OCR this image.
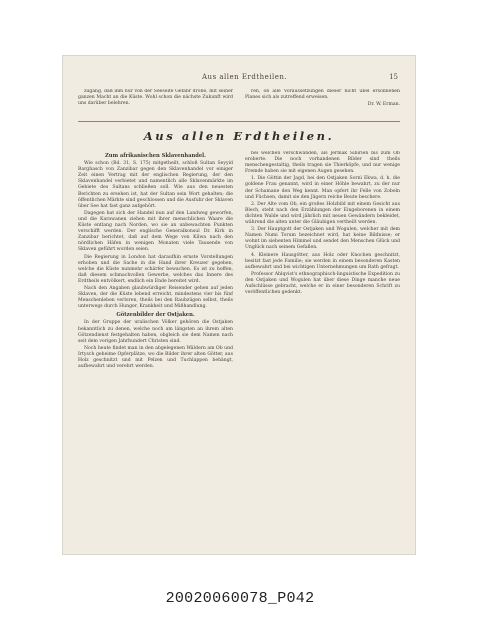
Aus allen Erdtheilen.	15

zugang, daß ihm nur von der Seeseite Gefahr drohe, mit seiner ganzen Macht an die Küste. Wohl schon die nächste Zukunft wird uns darüber belehren.

ren, ob alle Voraussetzungen dieser nicht übel ersonnenen Planes sich als zutreffend erweisen.

Dr. W. Erman.

Aus allen Erdtheilen.
Zum afrikanischen Sklavenhandel.

Wie schon (Bd. 31, S. 175) mitgetheilt, schloß Sultan Seyyid Barghasch von Zanzibar gegen den Sklavenhandel vor einiger Zeit einen Vertrag mit der englischen Regierung, der den Sklavenhandel verbietet und namentlich alle Sklavenmärkte im Gebiete des Sultans schließen soll. Wie aus den neuesten Berichten zu ersehen ist, hat der Sultan sein Wort gehalten; die öffentlichen Märkte sind geschlossen und die Ausfuhr der Sklaven über See hat fast ganz aufgehört.

Dagegen hat sich der Handel nun auf den Landweg geworfen, und die Karawanen ziehen mit ihrer menschlichen Waare die Küste entlang nach Norden, wo sie an unbewachten Punkten verschifft werden. Der englische Generalkonsul Dr. Kirk in Zanzibar berichtet, daß auf dem Wege von Kilwa nach den nördlichen Häfen in wenigen Monaten viele Tausende von Sklaven geführt worden seien.

Die Regierung in London hat daraufhin ernste Vorstellungen erhoben und die Sache in die Hand ihrer Kreuzer gegeben, welche die Küste nunmehr schärfer bewachen. Es ist zu hoffen, daß diesem schmachvollen Gewerbe, welches das Innere des Erdtheils entvölkert, endlich ein Ende bereitet wird.

Nach den Angaben glaubwürdiger Reisender gehen auf jeden Sklaven, der die Küste lebend erreicht, mindestens vier bis fünf Menschenleben verloren, theils bei den Raubzügen selbst, theils unterwegs durch Hunger, Krankheit und Mißhandlung.

Götzenbilder der Ostjaken.

In der Gruppe der uralischen Völker gehören die Ostjaken bekanntlich zu denen, welche noch am längsten an ihrem alten Götzendienst festgehalten haben, obgleich sie dem Namen nach seit dem vorigen Jahrhundert Christen sind.

Noch heute findet man in den abgelegenen Wäldern am Ob und Irtysch geheime Opferplätze, wo die Bilder ihrer alten Götter, aus Holz geschnitzt und mit Pelzen und Tuchlappen behängt, aufbewahrt und verehrt werden.

bei welchen verschwanden, als Jermak Sibirien bis zum Ob eroberte. Die noch vorhandenen Bilder sind theils menschengestaltig, theils tragen sie Thierköpfe, und nur wenige Fremde haben sie mit eigenen Augen gesehen.

1. Die Göttin der Jagd, bei den Ostjaken Sornì Ekwa, d. h. die goldene Frau genannt, wird in einer Höhle bewahrt, zu der nur der Schamane den Weg kennt. Man opfert ihr Felle von Zobeln und Füchsen, damit sie den Jägern reiche Beute beschere.

2. Der Alte vom Ob, ein großes Holzbild mit einem Gesicht aus Blech, steht nach den Erzählungen der Eingeborenen in einem dichten Walde und wird jährlich mit neuen Gewändern bekleidet, während die alten unter die Gläubigen vertheilt werden.

3. Der Hauptgott der Ostjaken und Wogulen, welcher mit dem Namen Numi Torum bezeichnet wird, hat keine Bildnisse; er wohnt im siebenten Himmel und sendet den Menschen Glück und Unglück nach seinem Gefallen.

4. Kleinere Hausgötter, aus Holz oder Knochen geschnitzt, besitzt fast jede Familie; sie werden in einem besonderen Kasten aufbewahrt und bei wichtigen Unternehmungen um Rath gefragt.

Professor Ahlqvist's ethnographisch-linguistische Expedition zu den Ostjaken und Wogulen hat über diese Dinge manche neue Aufschlüsse gebracht, welche er in einer besonderen Schrift zu veröffentlichen gedenkt.

20020060078_P042
